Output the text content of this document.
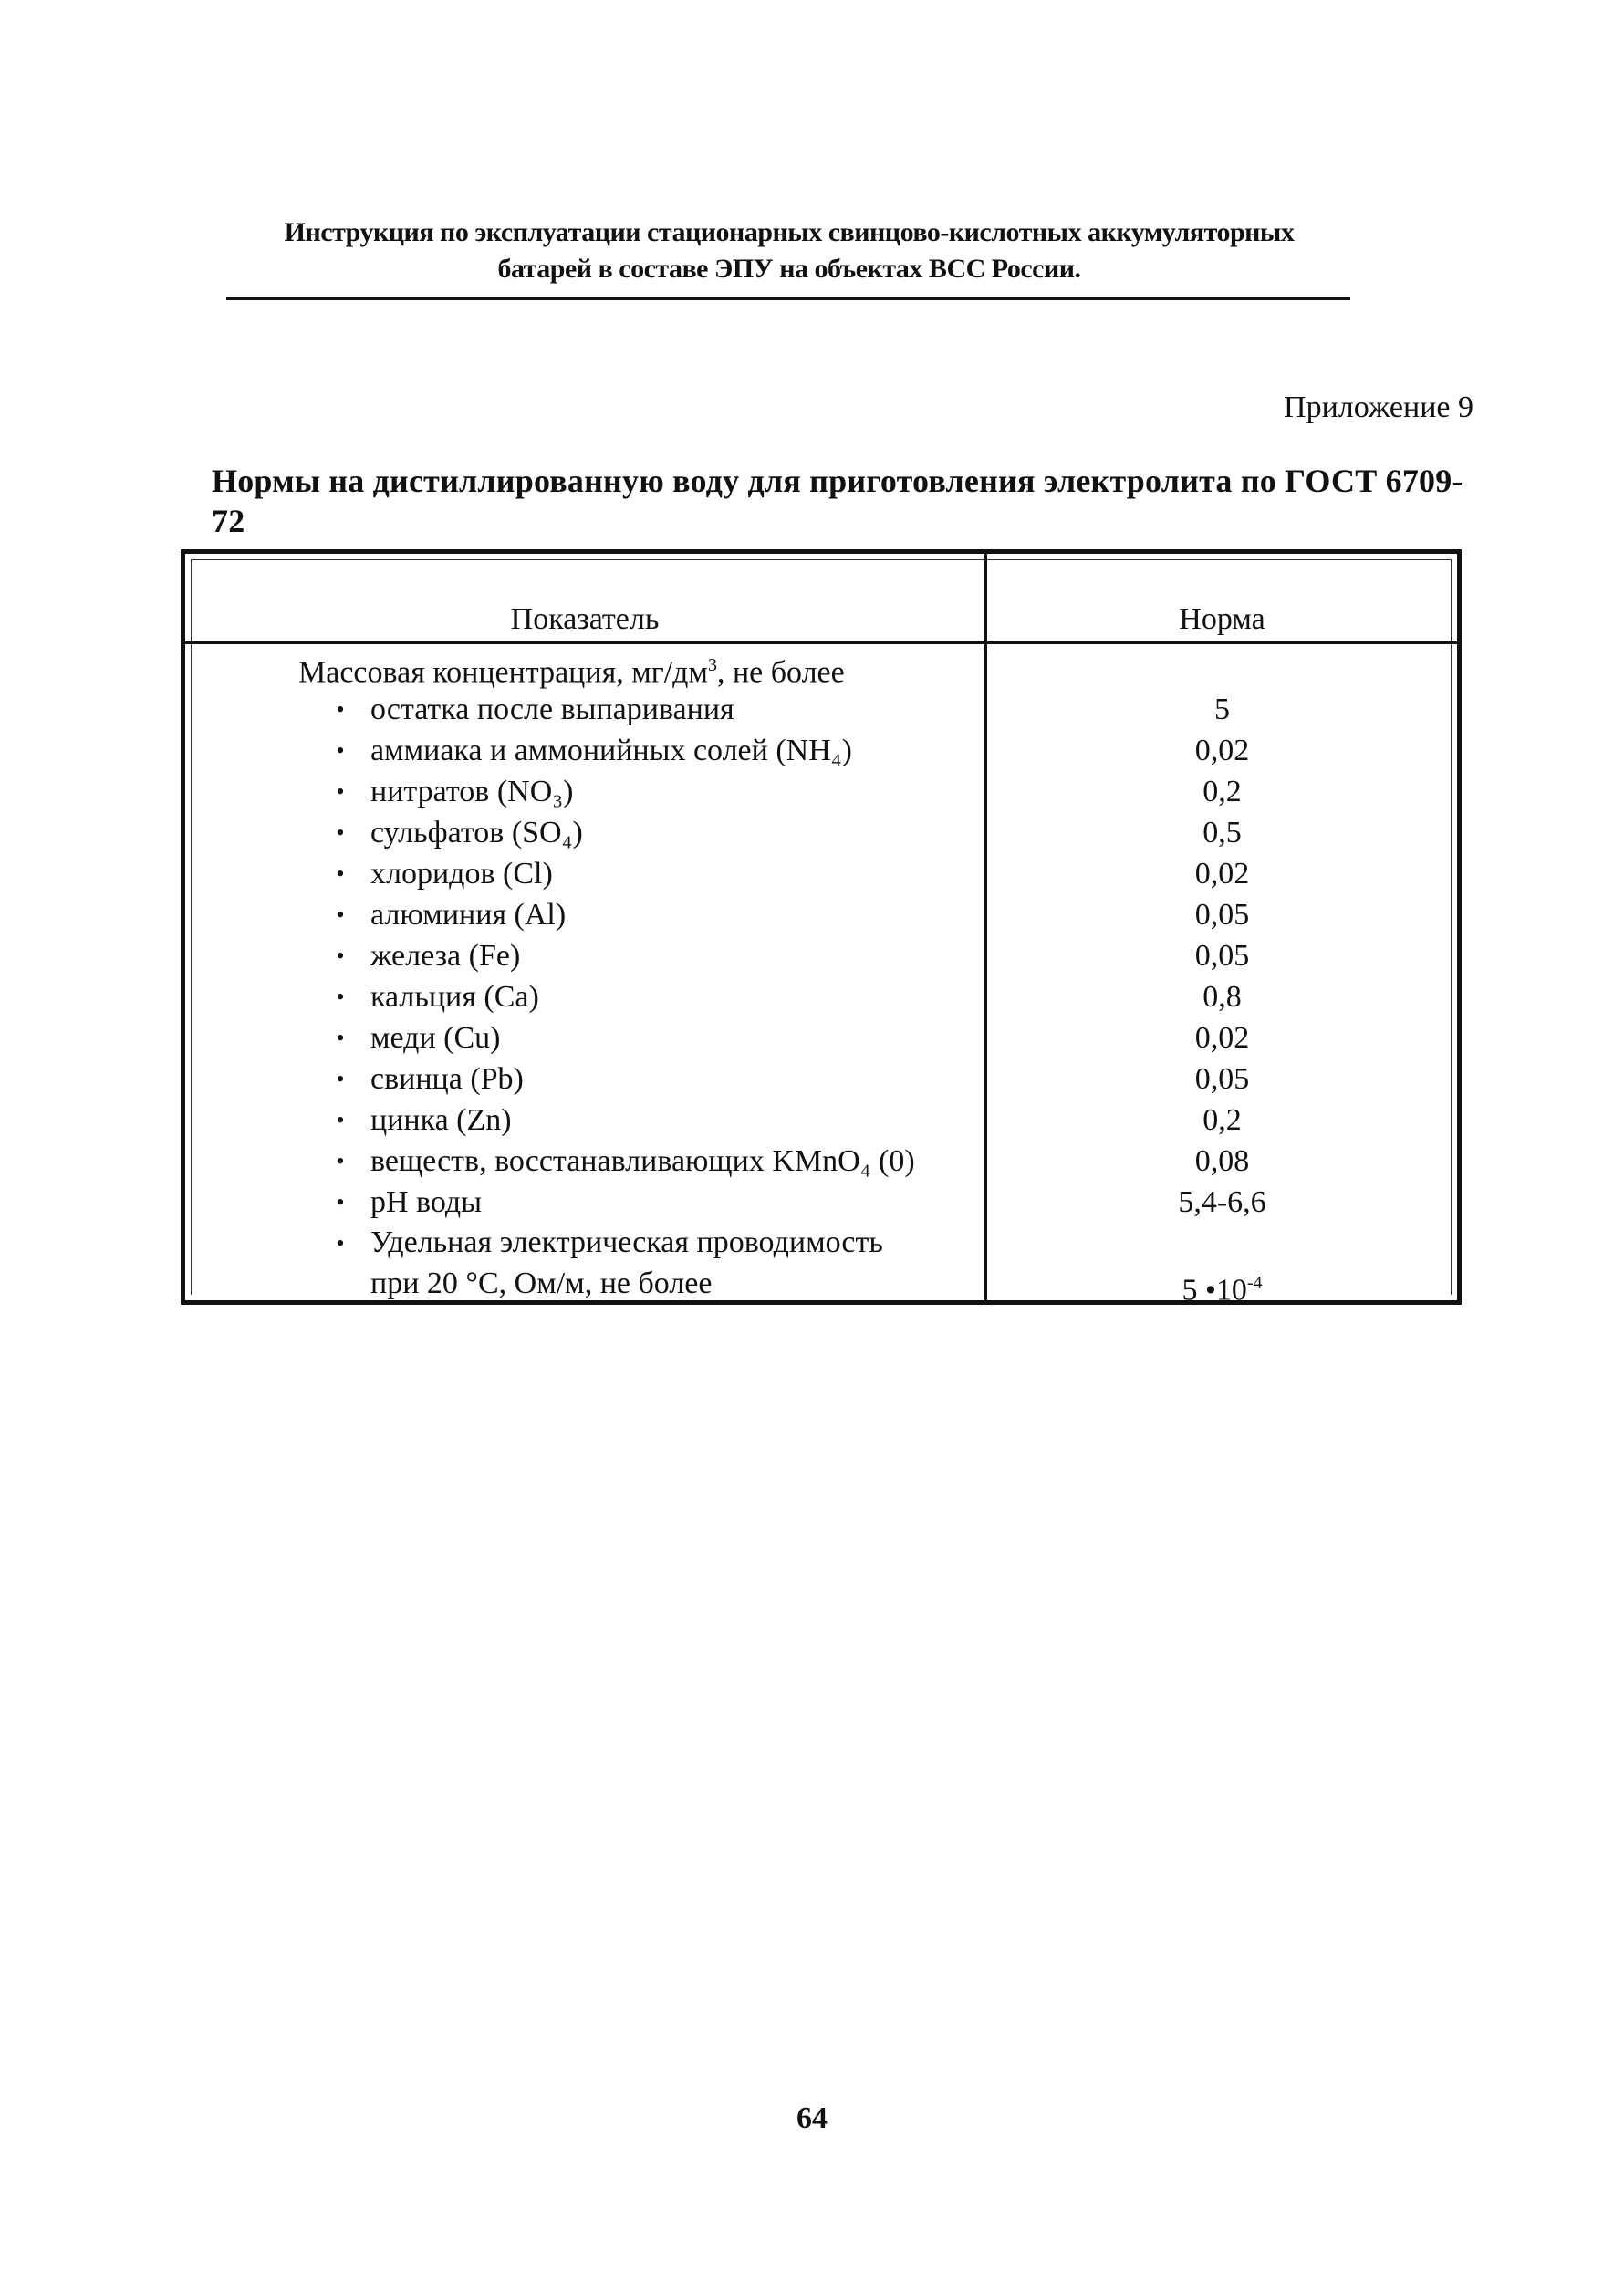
Инструкция по эксплуатации стационарных свинцово-кислотных аккумуляторных
батарей в составе ЭПУ на объектах ВСС России.
Приложение 9
Нормы на дистиллированную воду для приготовления электролита по ГОСТ 6709-72
Показатель	Норма
Массовая концентрация, $мг/дм^3$, не более
• остатка после выпаривания	5
• аммиака и аммонийных солей (NH₄)	0,02
• нитратов (NO₃)	0,2
• сульфатов (SO₄)	0,5
• хлоридов (Cl)	0,02
• алюминия (Al)	0,05
• железа (Fe)	0,05
• кальция (Ca)	0,8
• меди (Cu)	0,02
• свинца (Pb)	0,05
• цинка (Zn)	0,2
• веществ, восстанавливающих KMnO₄ (0)	0,08
• pH воды	5,4-6,6
• Удельная электрическая проводимость
при 20 °C, Ом/м, не более	5 $•10^{-4}$
64
